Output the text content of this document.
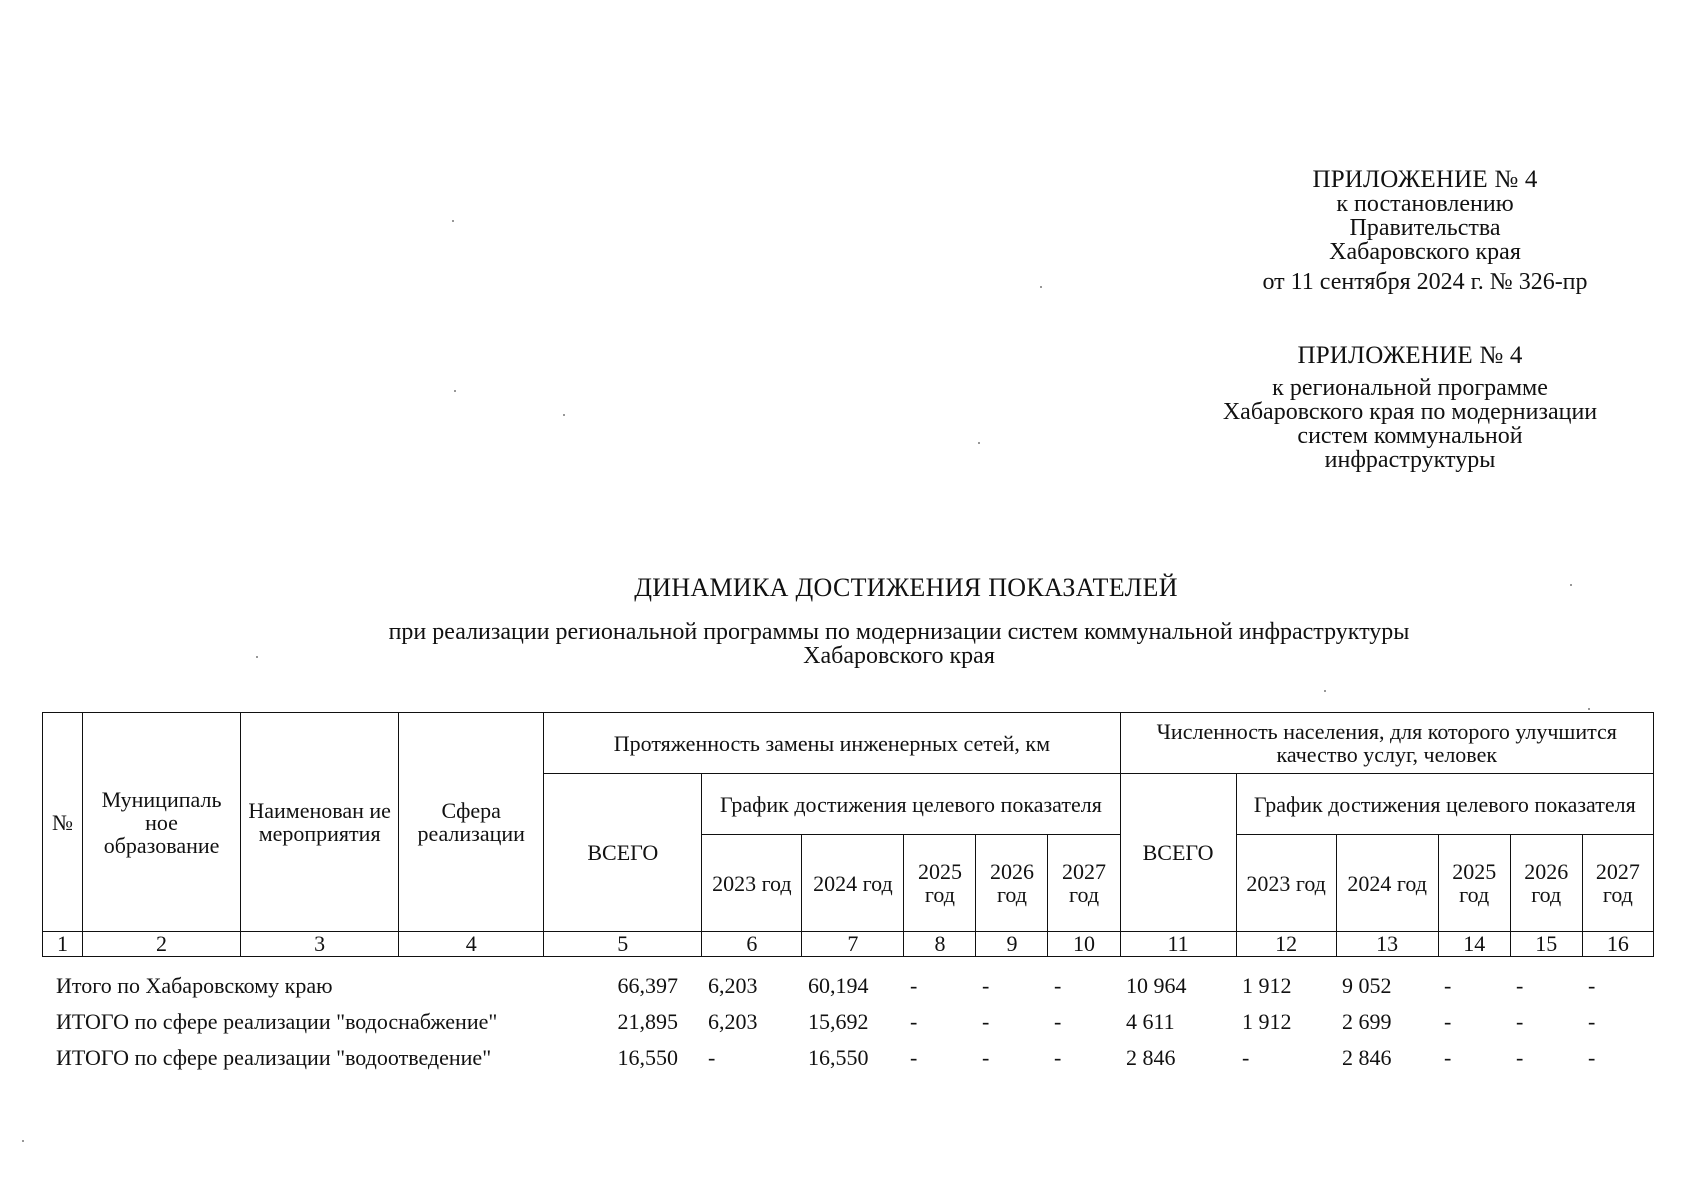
ПРИЛОЖЕНИЕ № 4
к постановлению
Правительства
Хабаровского края
от 11 сентября 2024 г. № 326-пр
ПРИЛОЖЕНИЕ № 4
к региональной программе
Хабаровского края по модернизации
систем коммунальной
инфраструктуры
ДИНАМИКА ДОСТИЖЕНИЯ ПОКАЗАТЕЛЕЙ
при реализации региональной программы по модернизации систем коммунальной инфраструктуры
Хабаровского края
№	Муниципаль ное образование	Наименован ие мероприятия	Сфера реализации	Протяженность замены инженерных сетей, км						Численность населения, для которого улучшится качество услуг, человек					
				ВСЕГО	График достижения целевого показателя					ВСЕГО	График достижения целевого показателя				
					2023 год	2024 год	2025 год	2026 год	2027 год		2023 год	2024 год	2025 год	2026 год	2027 год
1	2	3	4	5	6	7	8	9	10	11	12	13	14	15	16
Итого по Хабаровскому краю	66,397	6,203	60,194	-	-	-	10 964	1 912	9 052	-	-	-
ИТОГО по сфере реализации "водоснабжение"	21,895	6,203	15,692	-	-	-	4 611	1 912	2 699	-	-	-
ИТОГО по сфере реализации "водоотведение"	16,550	-	16,550	-	-	-	2 846	-	2 846	-	-	-
